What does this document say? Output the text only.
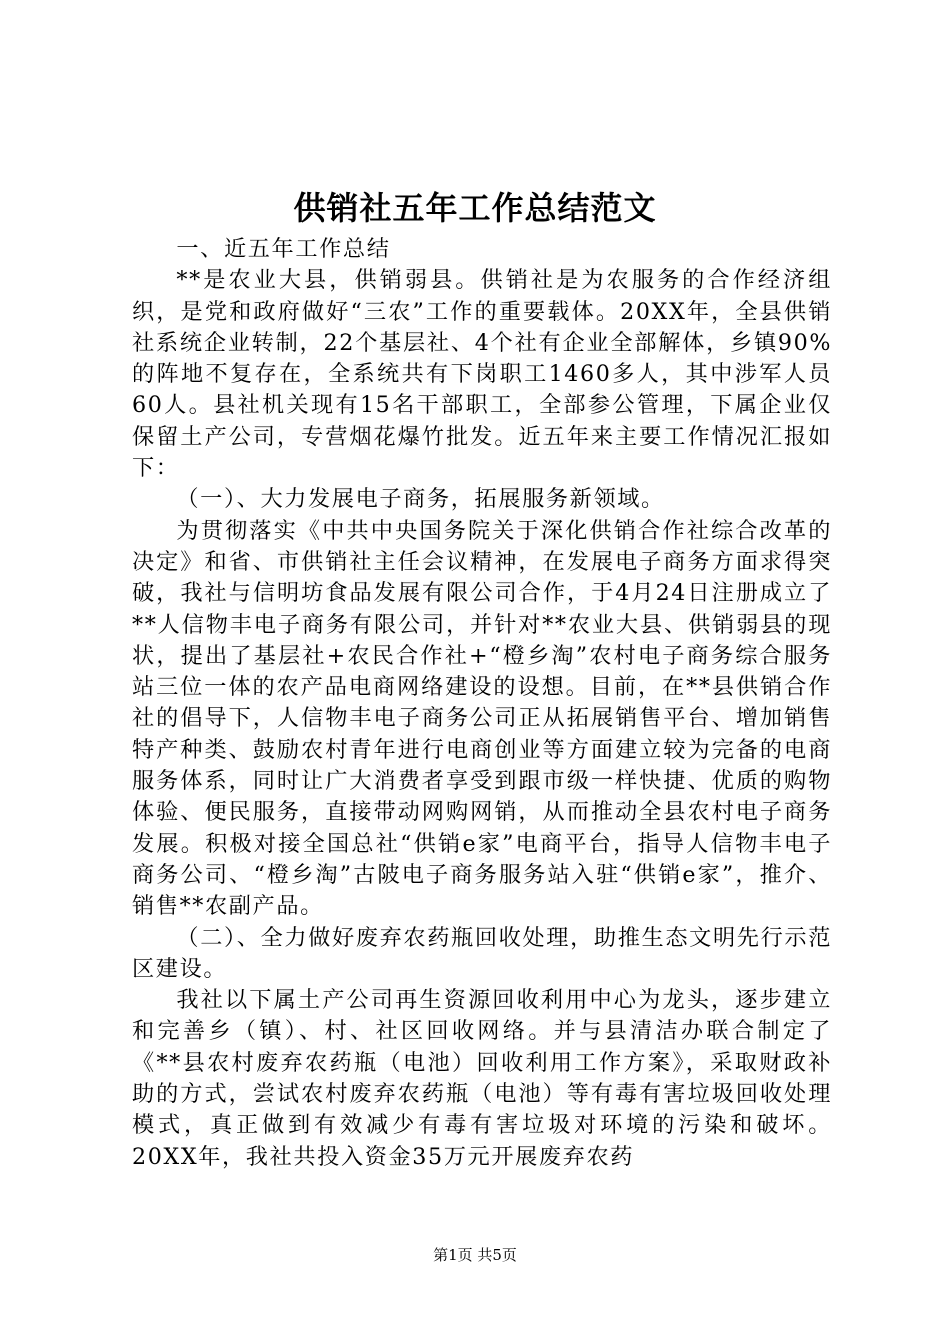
供销社五年工作总结范文

一、近五年工作总结

**是农业大县，供销弱县。供销社是为农服务的合作经济组织，是党和政府做好“三农”工作的重要载体。20XX年，全县供销社系统企业转制，22个基层社、4个社有企业全部解体，乡镇90%的阵地不复存在，全系统共有下岗职工1460多人，其中涉军人员60人。县社机关现有15名干部职工，全部参公管理，下属企业仅保留土产公司，专营烟花爆竹批发。近五年来主要工作情况汇报如下：

（一）、大力发展电子商务，拓展服务新领域。

为贯彻落实《中共中央国务院关于深化供销合作社综合改革的决定》和省、市供销社主任会议精神，在发展电子商务方面求得突破，我社与信明坊食品发展有限公司合作，于4月24日注册成立了**人信物丰电子商务有限公司，并针对**农业大县、供销弱县的现状，提出了基层社+农民合作社+“橙乡淘”农村电子商务综合服务站三位一体的农产品电商网络建设的设想。目前，在**县供销合作社的倡导下，人信物丰电子商务公司正从拓展销售平台、增加销售特产种类、鼓励农村青年进行电商创业等方面建立较为完备的电商服务体系，同时让广大消费者享受到跟市级一样快捷、优质的购物体验、便民服务，直接带动网购网销，从而推动全县农村电子商务发展。积极对接全国总社“供销e家”电商平台，指导人信物丰电子商务公司、“橙乡淘”古陂电子商务服务站入驻“供销e家”，推介、销售**农副产品。

（二）、全力做好废弃农药瓶回收处理，助推生态文明先行示范区建设。

我社以下属土产公司再生资源回收利用中心为龙头，逐步建立和完善乡（镇）、村、社区回收网络。并与县清洁办联合制定了《**县农村废弃农药瓶（电池）回收利用工作方案》，采取财政补助的方式，尝试农村废弃农药瓶（电池）等有毒有害垃圾回收处理模式，真正做到有效减少有毒有害垃圾对环境的污染和破坏。20XX年，我社共投入资金35万元开展废弃农药

第1页 共5页
